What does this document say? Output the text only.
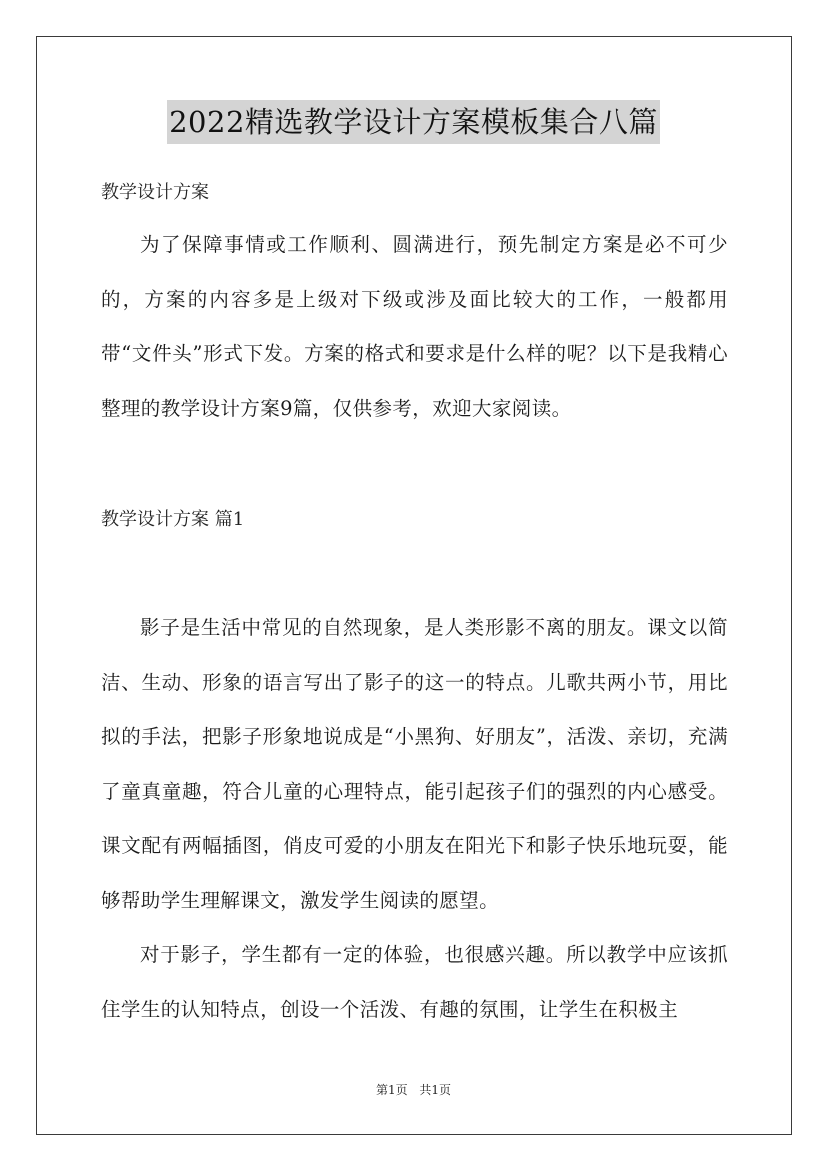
2022精选教学设计方案模板集合八篇

教学设计方案

为了保障事情或工作顺利、圆满进行，预先制定方案是必不可少的，方案的内容多是上级对下级或涉及面比较大的工作，一般都用带“文件头”形式下发。方案的格式和要求是什么样的呢？以下是我精心整理的教学设计方案9篇，仅供参考，欢迎大家阅读。

教学设计方案 篇1

影子是生活中常见的自然现象，是人类形影不离的朋友。课文以简洁、生动、形象的语言写出了影子的这一的特点。儿歌共两小节，用比拟的手法，把影子形象地说成是“小黑狗、好朋友”，活泼、亲切，充满了童真童趣，符合儿童的心理特点，能引起孩子们的强烈的内心感受。课文配有两幅插图，俏皮可爱的小朋友在阳光下和影子快乐地玩耍，能够帮助学生理解课文，激发学生阅读的愿望。

对于影子，学生都有一定的体验，也很感兴趣。所以教学中应该抓住学生的认知特点，创设一个活泼、有趣的氛围，让学生在积极主

第1页 共1页
